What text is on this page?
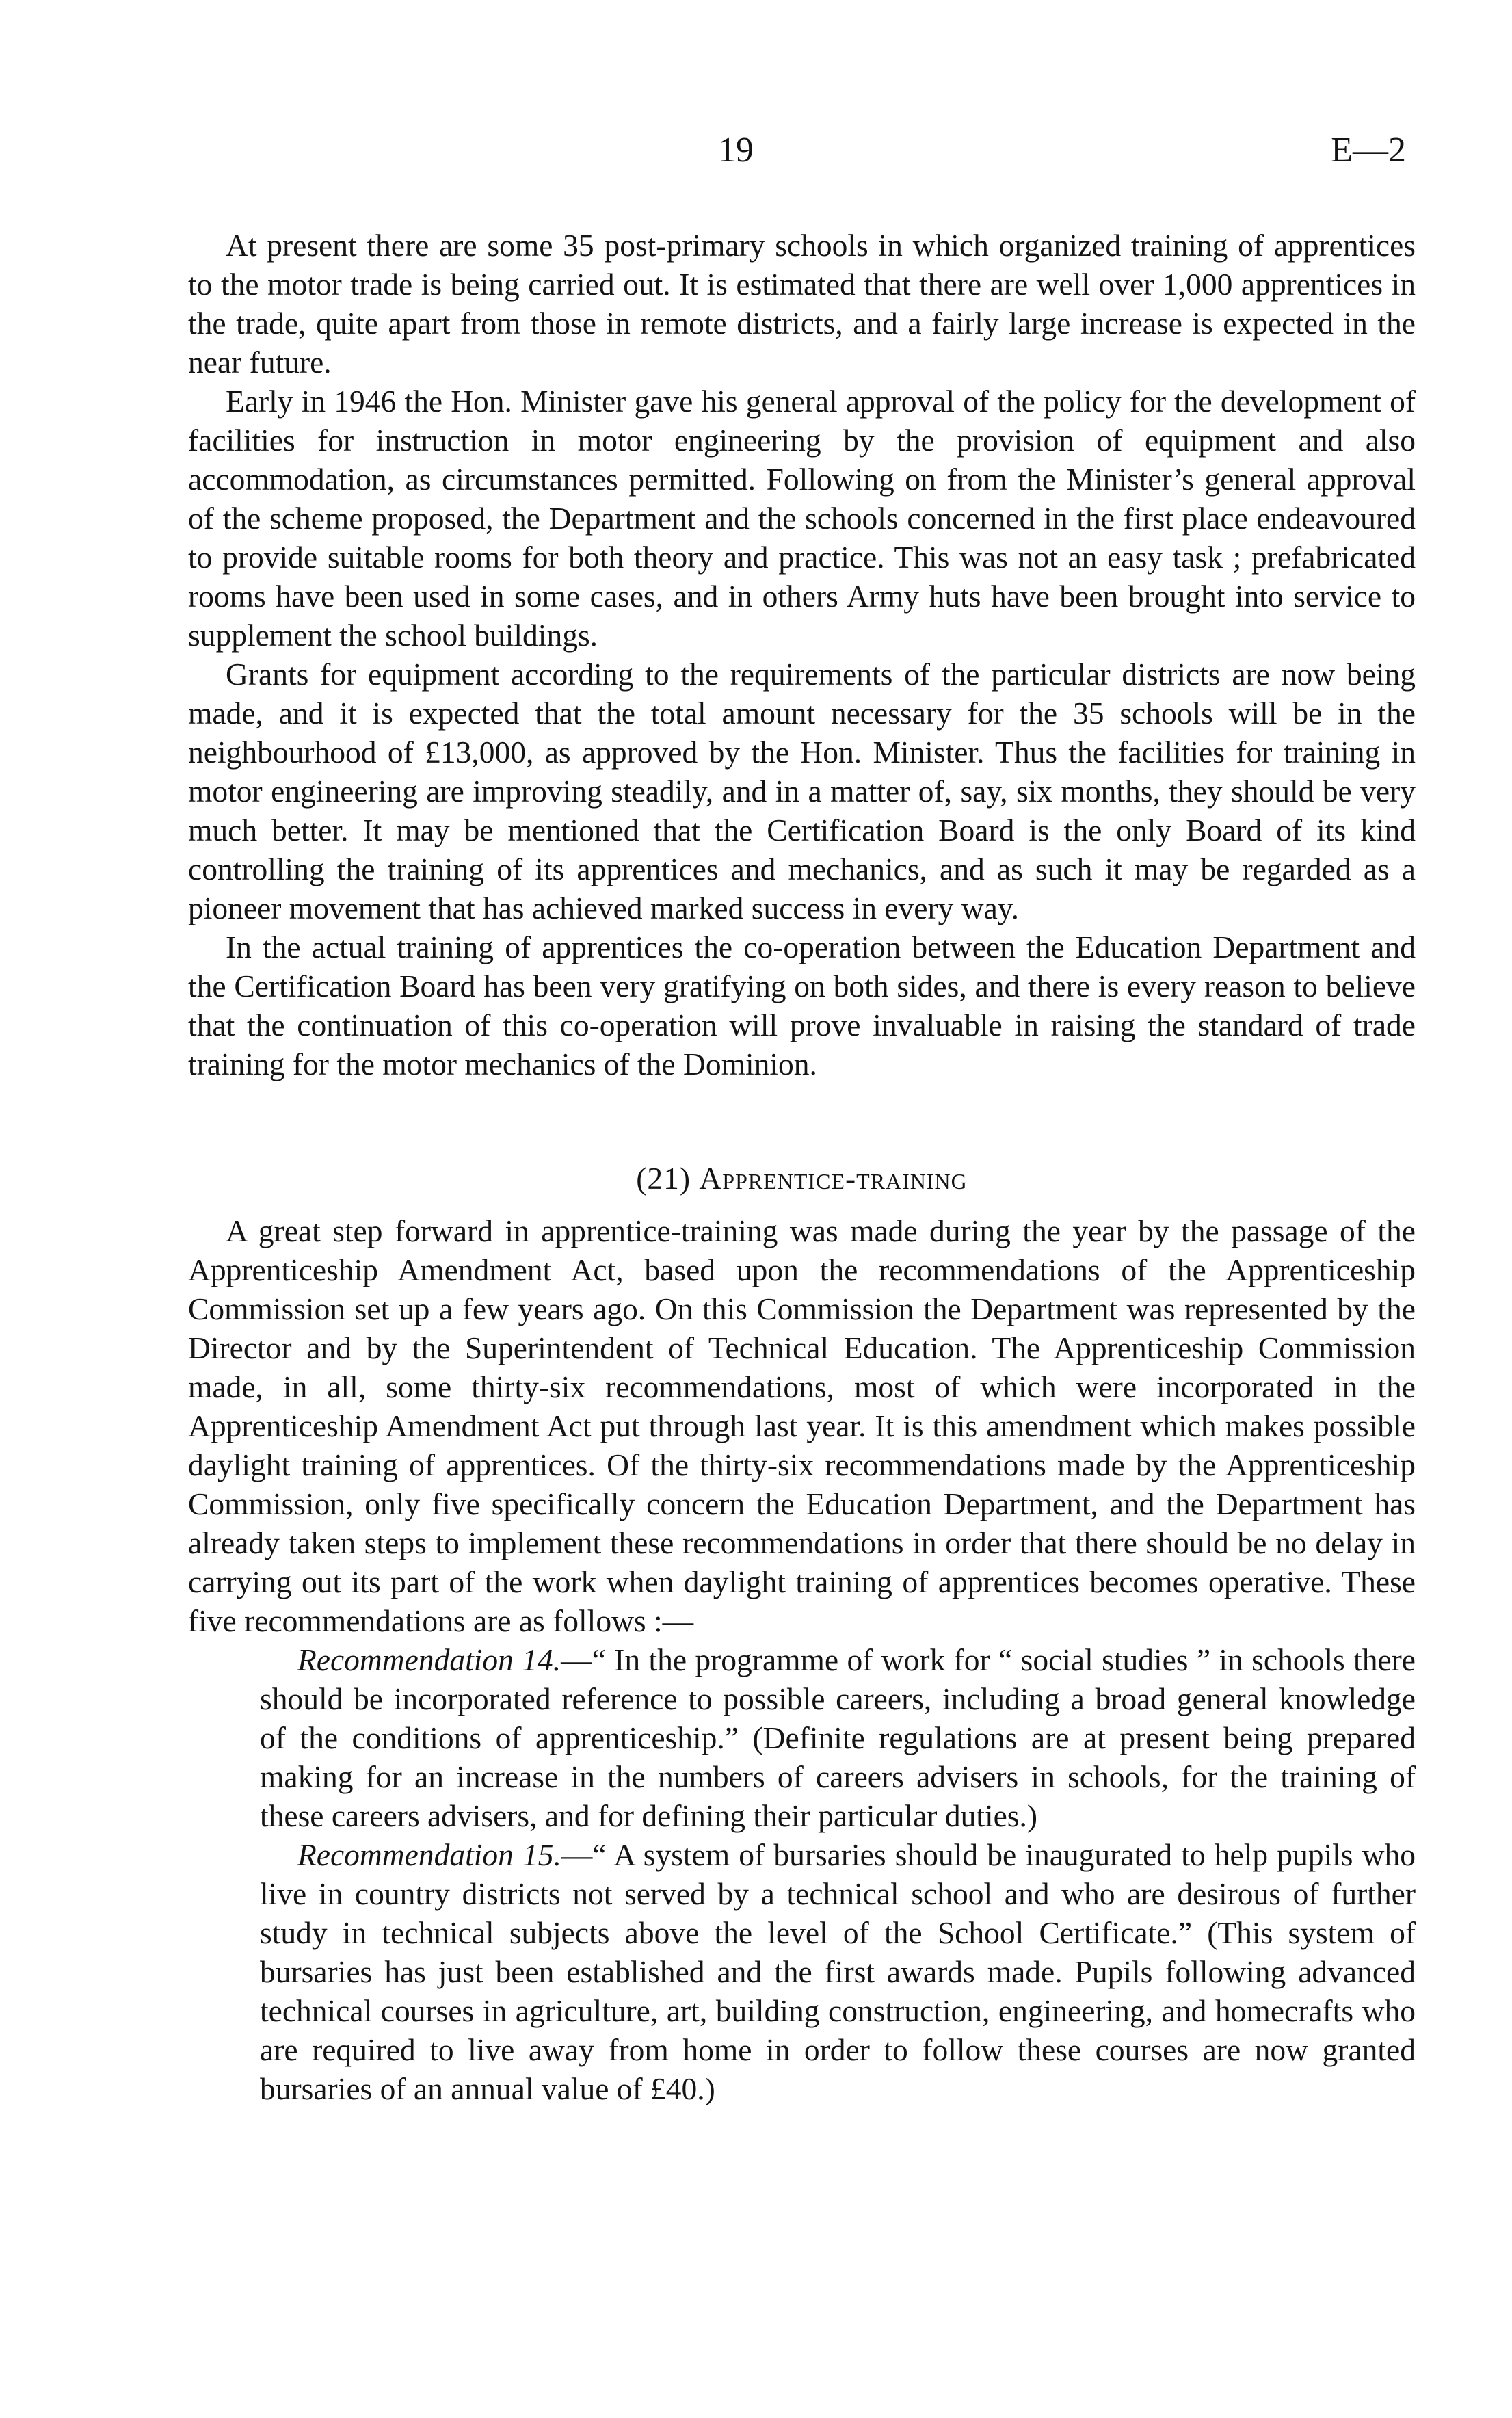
19	E—2

At present there are some 35 post-primary schools in which organized training of apprentices to the motor trade is being carried out. It is estimated that there are well over 1,000 apprentices in the trade, quite apart from those in remote districts, and a fairly large increase is expected in the near future.

Early in 1946 the Hon. Minister gave his general approval of the policy for the development of facilities for instruction in motor engineering by the provision of equipment and also accommodation, as circumstances permitted. Following on from the Minister’s general approval of the scheme proposed, the Department and the schools concerned in the first place endeavoured to provide suitable rooms for both theory and practice. This was not an easy task ; prefabricated rooms have been used in some cases, and in others Army huts have been brought into service to supplement the school buildings.

Grants for equipment according to the requirements of the particular districts are now being made, and it is expected that the total amount necessary for the 35 schools will be in the neighbourhood of £13,000, as approved by the Hon. Minister. Thus the facilities for training in motor engineering are improving steadily, and in a matter of, say, six months, they should be very much better. It may be mentioned that the Certification Board is the only Board of its kind controlling the training of its apprentices and mechanics, and as such it may be regarded as a pioneer movement that has achieved marked success in every way.

In the actual training of apprentices the co-operation between the Education Department and the Certification Board has been very gratifying on both sides, and there is every reason to believe that the continuation of this co-operation will prove invaluable in raising the standard of trade training for the motor mechanics of the Dominion.

(21) Apprentice-training

A great step forward in apprentice-training was made during the year by the passage of the Apprenticeship Amendment Act, based upon the recommendations of the Apprenticeship Commission set up a few years ago. On this Commission the Department was represented by the Director and by the Superintendent of Technical Education. The Apprenticeship Commission made, in all, some thirty-six recommendations, most of which were incorporated in the Apprenticeship Amendment Act put through last year. It is this amendment which makes possible daylight training of apprentices. Of the thirty-six recommendations made by the Apprenticeship Commission, only five specifically concern the Education Department, and the Department has already taken steps to implement these recommendations in order that there should be no delay in carrying out its part of the work when daylight training of apprentices becomes operative. These five recommendations are as follows :—

Recommendation 14.—“ In the programme of work for “ social studies ” in schools there should be incorporated reference to possible careers, including a broad general knowledge of the conditions of apprenticeship.” (Definite regulations are at present being prepared making for an increase in the numbers of careers advisers in schools, for the training of these careers advisers, and for defining their particular duties.)

Recommendation 15.—“ A system of bursaries should be inaugurated to help pupils who live in country districts not served by a technical school and who are desirous of further study in technical subjects above the level of the School Certificate.” (This system of bursaries has just been established and the first awards made. Pupils following advanced technical courses in agriculture, art, building construction, engineering, and homecrafts who are required to live away from home in order to follow these courses are now granted bursaries of an annual value of £40.)
